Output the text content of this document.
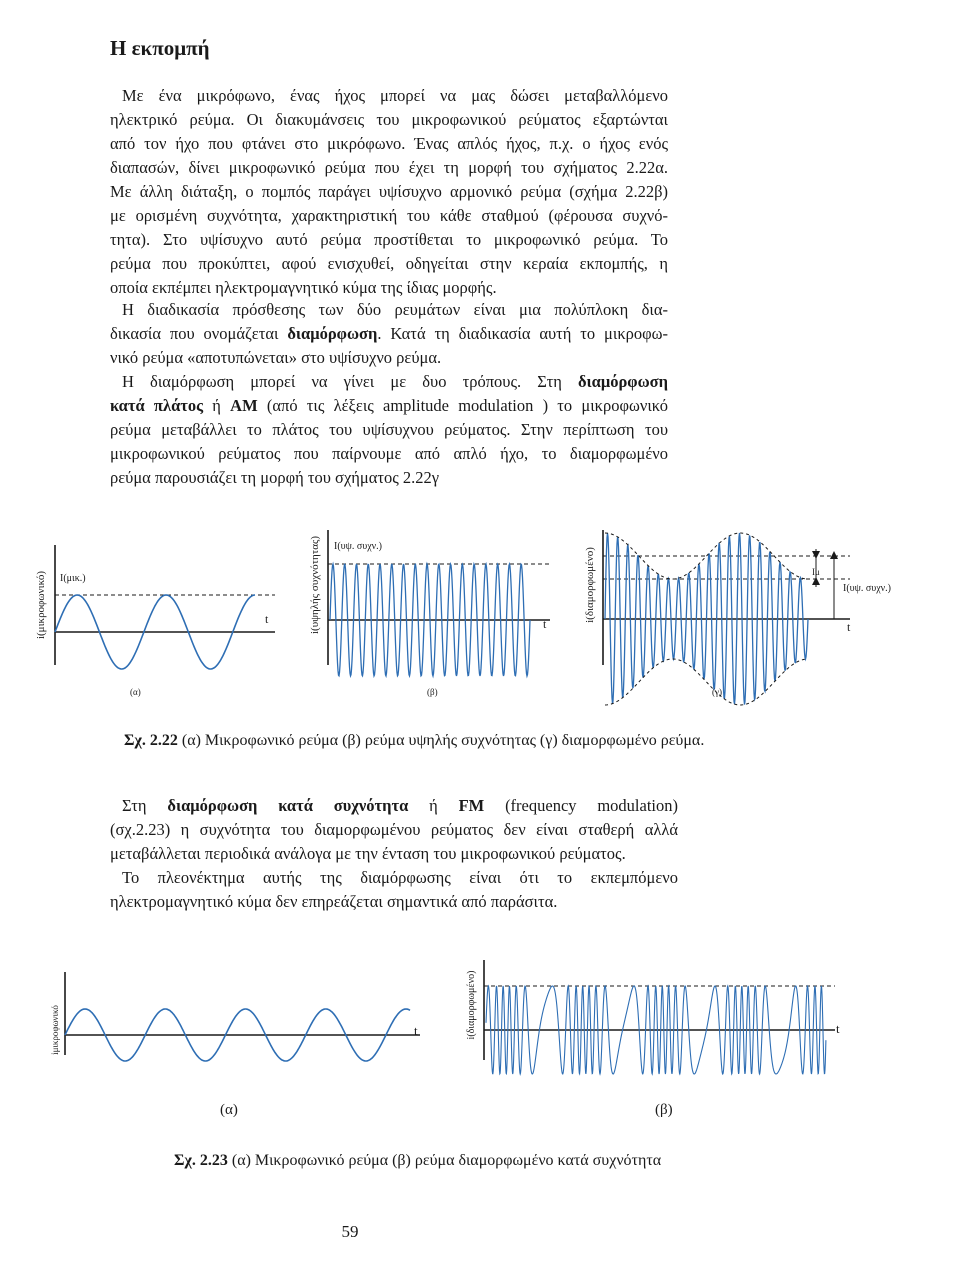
Η εκπομπή
Με ένα μικρόφωνο, ένας ήχος μπορεί να μας δώσει μεταβαλλόμενο
ηλεκτρικό ρεύμα. Οι διακυμάνσεις του μικροφωνικού ρεύματος εξαρτώνται
από τον ήχο που φτάνει στο μικρόφωνο. Ένας απλός ήχος, π.χ. ο ήχος ενός
διαπασών, δίνει μικροφωνικό ρεύμα που έχει τη μορφή του σχήματος 2.22α.
Με άλλη διάταξη, ο πομπός παράγει υψίσυχνο αρμονικό ρεύμα (σχήμα 2.22β)
με ορισμένη συχνότητα, χαρακτηριστική του κάθε σταθμού (φέρουσα συχνό-
τητα). Στο υψίσυχνο αυτό ρεύμα προστίθεται το μικροφωνικό ρεύμα. Το
ρεύμα που προκύπτει, αφού ενισχυθεί, οδηγείται στην κεραία εκπομπής, η
οποία εκπέμπει ηλεκτρομαγνητικό κύμα της ίδιας μορφής.
Η διαδικασία πρόσθεσης των δύο ρευμάτων είναι μια πολύπλοκη δια-
δικασία που ονομάζεται διαμόρφωση. Κατά τη διαδικασία αυτή το μικροφω-
νικό ρεύμα «αποτυπώνεται» στο υψίσυχνο ρεύμα.
Η διαμόρφωση μπορεί να γίνει με δυο τρόπους. Στη διαμόρφωση
κατά πλάτος ή AM (από τις λέξεις amplitude modulation ) το μικροφωνικό
ρεύμα μεταβάλλει το πλάτος του υψίσυχνου ρεύματος. Στην περίπτωση του
μικροφωνικού ρεύματος που παίρνουμε από απλό ήχο, το διαμορφωμένο
ρεύμα παρουσιάζει τη μορφή του σχήματος 2.22γ
i(μικροφωνικό) I(μικ.)
t
(α)
i(υψηλής συχνότητας) I(υψ. συχν.)
t
(β)
i(διαμορφωμένο)	Iμ
I(υψ. συχν.)
t
(γ)
Σχ. 2.22 (α) Μικροφωνικό ρεύμα (β) ρεύμα υψηλής συχνότητας (γ) διαμορφωμένο ρεύμα.
Στη διαμόρφωση κατά συχνότητα ή FM (frequency modulation)
(σχ.2.23) η συχνότητα του διαμορφωμένου ρεύματος δεν είναι σταθερή αλλά
μεταβάλλεται περιοδικά ανάλογα με την ένταση του μικροφωνικού ρεύματος.
Το πλεονέκτημα αυτής της διαμόρφωσης είναι ότι το εκπεμπόμενο
ηλεκτρομαγνητικό κύμα δεν επηρεάζεται σημαντικά από παράσιτα.
iμικροφωνικό	t
(α)
i(διαμορφωμένο)	t
(β)
Σχ. 2.23 (α) Μικροφωνικό ρεύμα (β) ρεύμα διαμορφωμένο κατά συχνότητα
59
